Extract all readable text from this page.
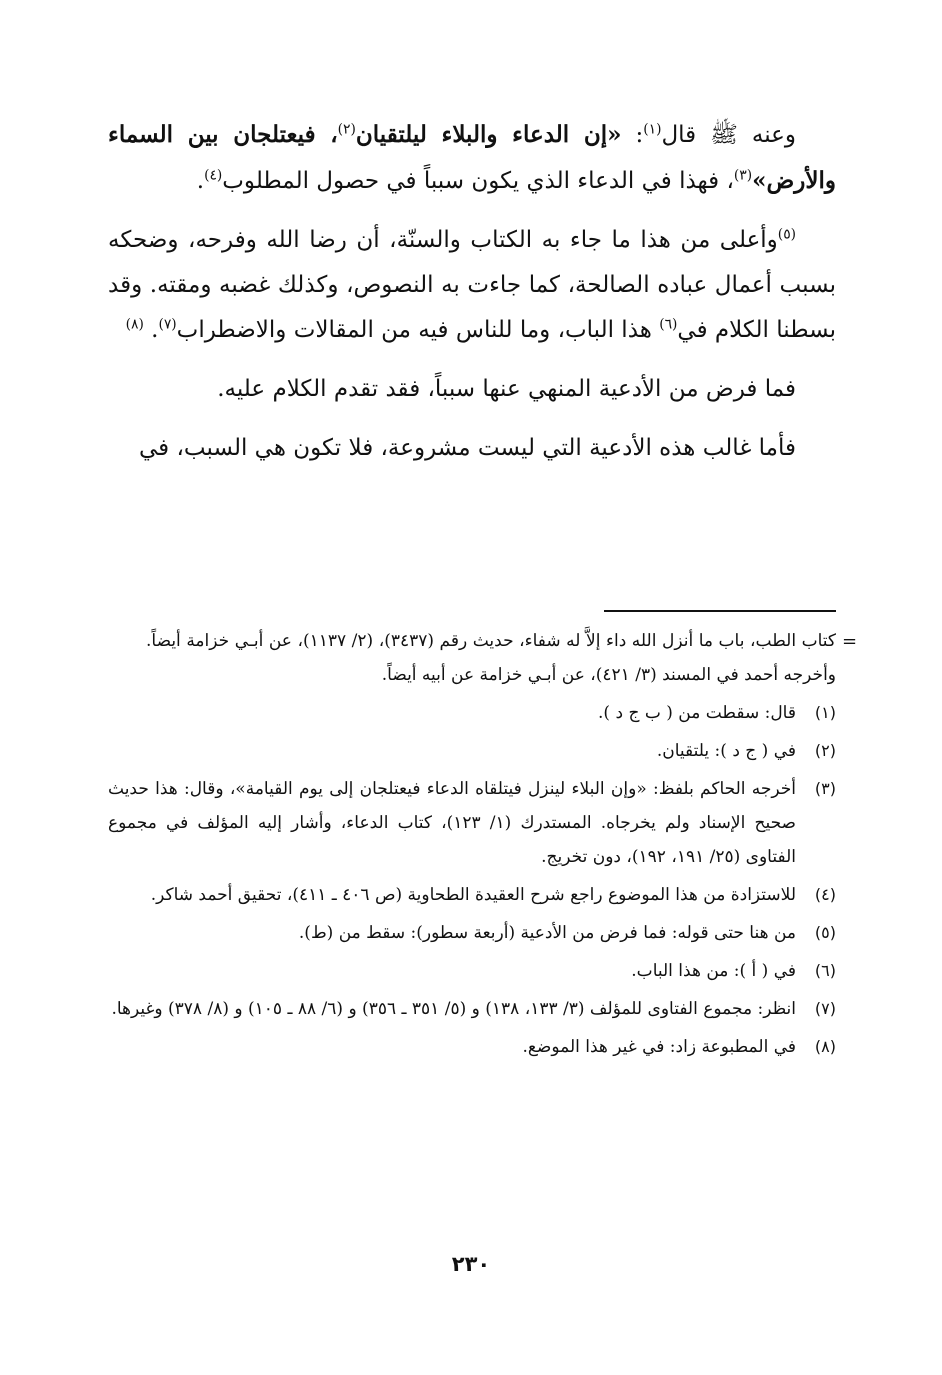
وعنه ﷺ قال$^{(١)}$: «إن الدعاء والبلاء ليلتقيان$^{(٢)}$، فيعتلجان بين السماء والأرض»$^{(٣)}$، فهذا في الدعاء الذي يكون سبباً في حصول المطلوب$^{(٤)}$.

$^{(٥)}$وأعلى من هذا ما جاء به الكتاب والسنّة، أن رضا الله وفرحه، وضحكه بسبب أعمال عباده الصالحة، كما جاءت به النصوص، وكذلك غضبه ومقته. وقد بسطنا الكلام في$^{(٦)}$ هذا الباب، وما للناس فيه من المقالات والاضطراب$^{(٧)}$. $^{(٨)}$

فما فرض من الأدعية المنهي عنها سبباً، فقد تقدم الكلام عليه.

فأما غالب هذه الأدعية التي ليست مشروعة، فلا تكون هي السبب، في

=
كتاب الطب، باب ما أنزل الله داء إلاَّ له شفاء، حديث رقم (٣٤٣٧)، (٢/ ١١٣٧)، عن أبـي خزامة أيضاً. وأخرجه أحمد في المسند (٣/ ٤٢١)، عن أبـي خزامة عن أبيه أيضاً.
(١)
قال: سقطت من ( ب ج د ).
(٢)
في ( ج د ): يلتقيان.
(٣)
أخرجه الحاكم بلفظ: «وإن البلاء لينزل فيتلقاه الدعاء فيعتلجان إلى يوم القيامة»، وقال: هذا حديث صحيح الإسناد ولم يخرجاه. المستدرك (١/ ١٢٣)، كتاب الدعاء، وأشار إليه المؤلف في مجموع الفتاوى (٢٥/ ١٩١، ١٩٢)، دون تخريج.
(٤)
للاستزادة من هذا الموضوع راجع شرح العقيدة الطحاوية (ص ٤٠٦ ـ ٤١١)، تحقيق أحمد شاكر.
(٥)
من هنا حتى قوله: فما فرض من الأدعية (أربعة سطور): سقط من (ط).
(٦)
في ( أ ): من هذا الباب.
(٧)
انظر: مجموع الفتاوى للمؤلف (٣/ ١٣٣، ١٣٨) و (٥/ ٣٥١ ـ ٣٥٦) و (٦/ ٨٨ ـ ١٠٥) و (٨/ ٣٧٨) وغيرها.
(٨)
في المطبوعة زاد: في غير هذا الموضع.
٢٣٠
